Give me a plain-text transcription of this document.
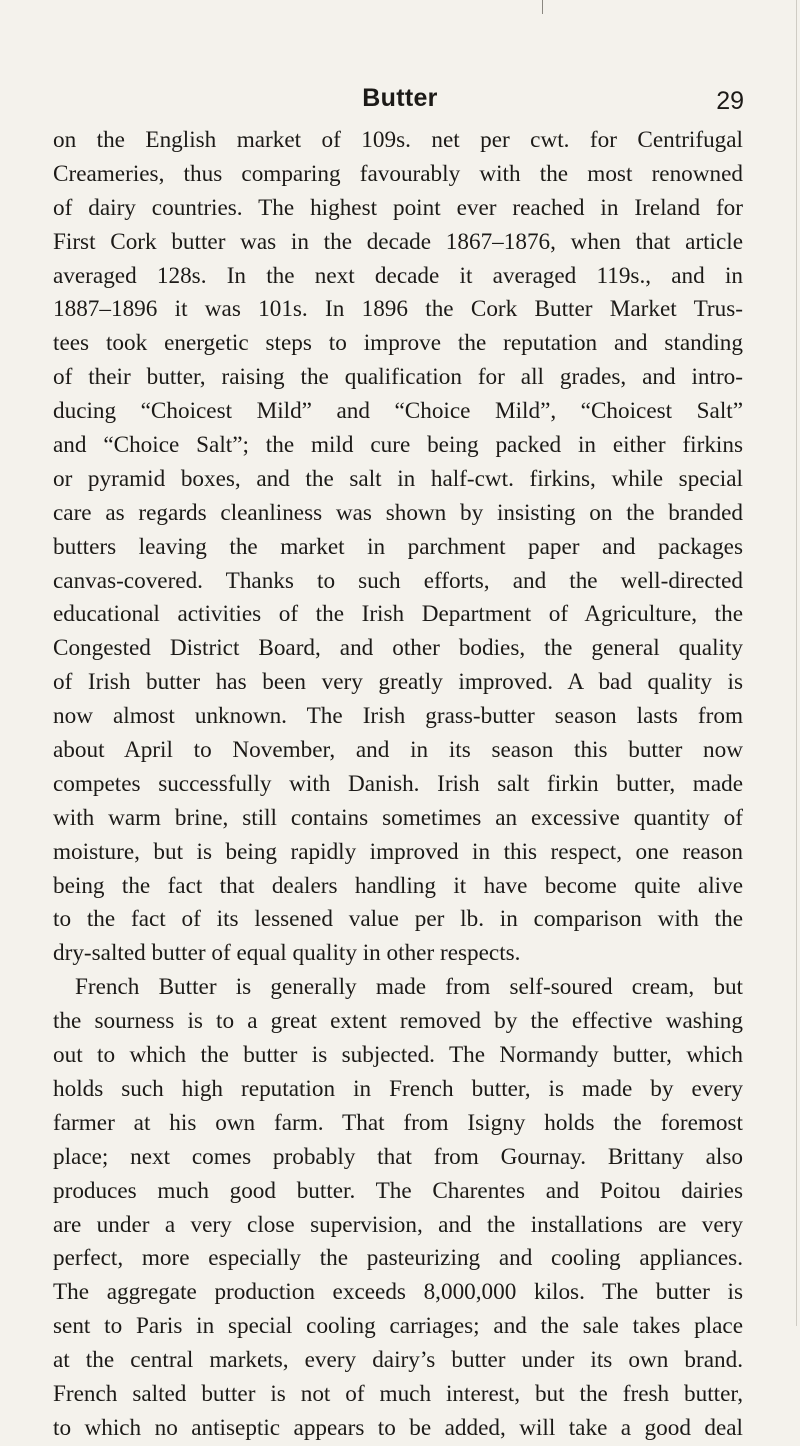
Butter	29
on the English market of 109s. net per cwt. for Centrifugal
Creameries, thus comparing favourably with the most renowned
of dairy countries. The highest point ever reached in Ireland for
First Cork butter was in the decade 1867–1876, when that article
averaged 128s. In the next decade it averaged 119s., and in
1887–1896 it was 101s. In 1896 the Cork Butter Market Trus-
tees took energetic steps to improve the reputation and standing
of their butter, raising the qualification for all grades, and intro-
ducing “Choicest Mild” and “Choice Mild”, “Choicest Salt”
and “Choice Salt”; the mild cure being packed in either firkins
or pyramid boxes, and the salt in half-cwt. firkins, while special
care as regards cleanliness was shown by insisting on the branded
butters leaving the market in parchment paper and packages
canvas-covered. Thanks to such efforts, and the well-directed
educational activities of the Irish Department of Agriculture, the
Congested District Board, and other bodies, the general quality
of Irish butter has been very greatly improved. A bad quality is
now almost unknown. The Irish grass-butter season lasts from
about April to November, and in its season this butter now
competes successfully with Danish. Irish salt firkin butter, made
with warm brine, still contains sometimes an excessive quantity of
moisture, but is being rapidly improved in this respect, one reason
being the fact that dealers handling it have become quite alive
to the fact of its lessened value per lb. in comparison with the
dry-salted butter of equal quality in other respects.
French Butter is generally made from self-soured cream, but
the sourness is to a great extent removed by the effective washing
out to which the butter is subjected. The Normandy butter, which
holds such high reputation in French butter, is made by every
farmer at his own farm. That from Isigny holds the foremost
place; next comes probably that from Gournay. Brittany also
produces much good butter. The Charentes and Poitou dairies
are under a very close supervision, and the installations are very
perfect, more especially the pasteurizing and cooling appliances.
The aggregate production exceeds 8,000,000 kilos. The butter is
sent to Paris in special cooling carriages; and the sale takes place
at the central markets, every dairy’s butter under its own brand.
French salted butter is not of much interest, but the fresh butter,
to which no antiseptic appears to be added, will take a good deal
